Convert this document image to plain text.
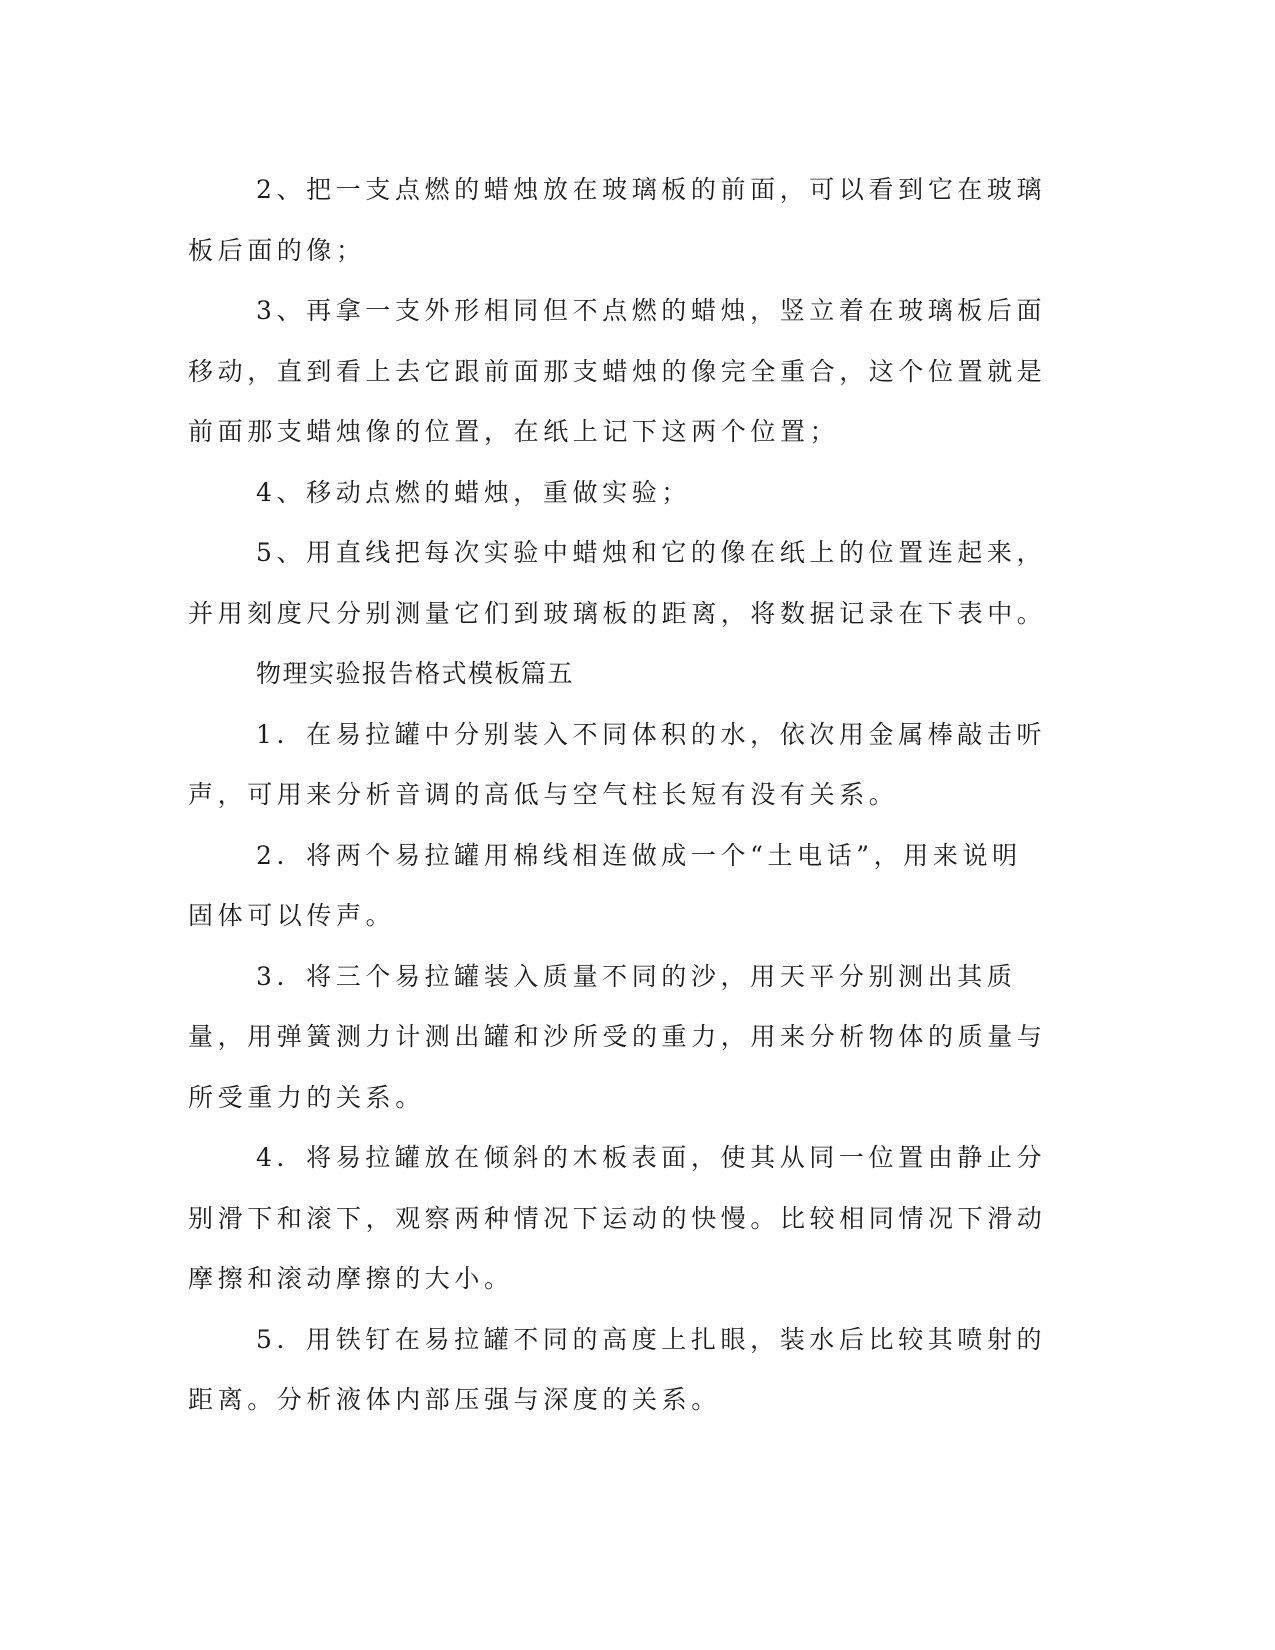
2、把一支点燃的蜡烛放在玻璃板的前面，可以看到它在玻璃板后面的像；

3、再拿一支外形相同但不点燃的蜡烛，竖立着在玻璃板后面移动，直到看上去它跟前面那支蜡烛的像完全重合，这个位置就是前面那支蜡烛像的位置，在纸上记下这两个位置；

4、移动点燃的蜡烛，重做实验；

5、用直线把每次实验中蜡烛和它的像在纸上的位置连起来，并用刻度尺分别测量它们到玻璃板的距离，将数据记录在下表中。

物理实验报告格式模板篇五

1．在易拉罐中分别装入不同体积的水，依次用金属棒敲击听声，可用来分析音调的高低与空气柱长短有没有关系。

2．将两个易拉罐用棉线相连做成一个“土电话”，用来说明固体可以传声。

3．将三个易拉罐装入质量不同的沙，用天平分别测出其质量，用弹簧测力计测出罐和沙所受的重力，用来分析物体的质量与所受重力的关系。

4．将易拉罐放在倾斜的木板表面，使其从同一位置由静止分别滑下和滚下，观察两种情况下运动的快慢。比较相同情况下滑动摩擦和滚动摩擦的大小。

5．用铁钉在易拉罐不同的高度上扎眼，装水后比较其喷射的距离。分析液体内部压强与深度的关系。
